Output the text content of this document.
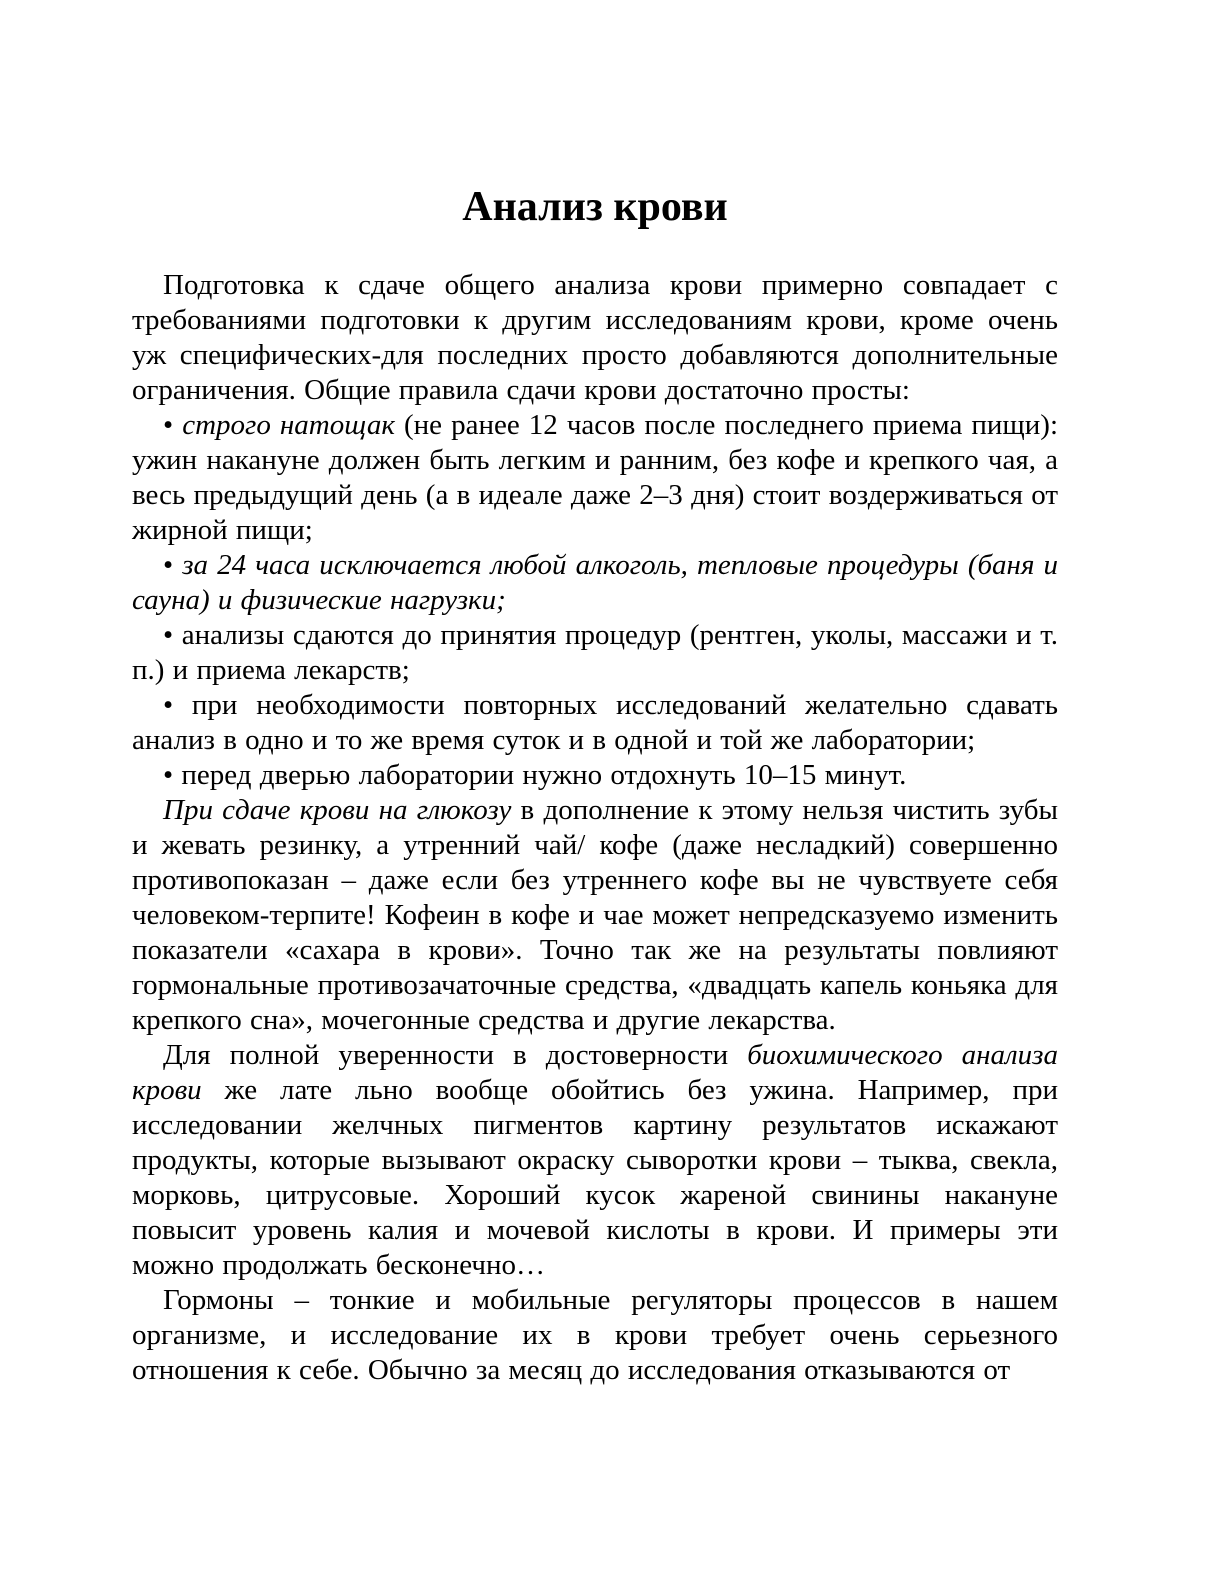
Анализ крови

Подготовка к сдаче общего анализа крови примерно совпадает с требованиями подготовки к другим исследованиям крови, кроме очень уж специфических-для последних просто добавляются дополнительные ограничения. Общие правила сдачи крови достаточно просты:

• строго натощак (не ранее 12 часов после последнего приема пищи): ужин накануне должен быть легким и ранним, без кофе и крепкого чая, а весь предыдущий день (а в идеале даже 2–3 дня) стоит воздерживаться от жирной пищи;

• за 24 часа исключается любой алкоголь, тепловые процедуры (баня и сауна) и физические нагрузки;

• анализы сдаются до принятия процедур (рентген, уколы, массажи и т. п.) и приема лекарств;

• при необходимости повторных исследований желательно сдавать анализ в одно и то же время суток и в одной и той же лаборатории;

• перед дверью лаборатории нужно отдохнуть 10–15 минут.

При сдаче крови на глюкозу в дополнение к этому нельзя чистить зубы и жевать резинку, а утренний чай/ кофе (даже несладкий) совершенно противопоказан – даже если без утреннего кофе вы не чувствуете себя человеком-терпите! Кофеин в кофе и чае может непредсказуемо изменить показатели «сахара в крови». Точно так же на результаты повлияют гормональные противозачаточные средства, «двадцать капель коньяка для крепкого сна», мочегонные средства и другие лекарства.

Для полной уверенности в достоверности биохимического анализа крови же лате льно вообще обойтись без ужина. Например, при исследовании желчных пигментов картину результатов искажают продукты, которые вызывают окраску сыворотки крови – тыква, свекла, морковь, цитрусовые. Хороший кусок жареной свинины накануне повысит уровень калия и мочевой кислоты в крови. И примеры эти можно продолжать бесконечно…

Гормоны – тонкие и мобильные регуляторы процессов в нашем организме, и исследование их в крови требует очень серьезного отношения к себе. Обычно за месяц до исследования отказываются от
